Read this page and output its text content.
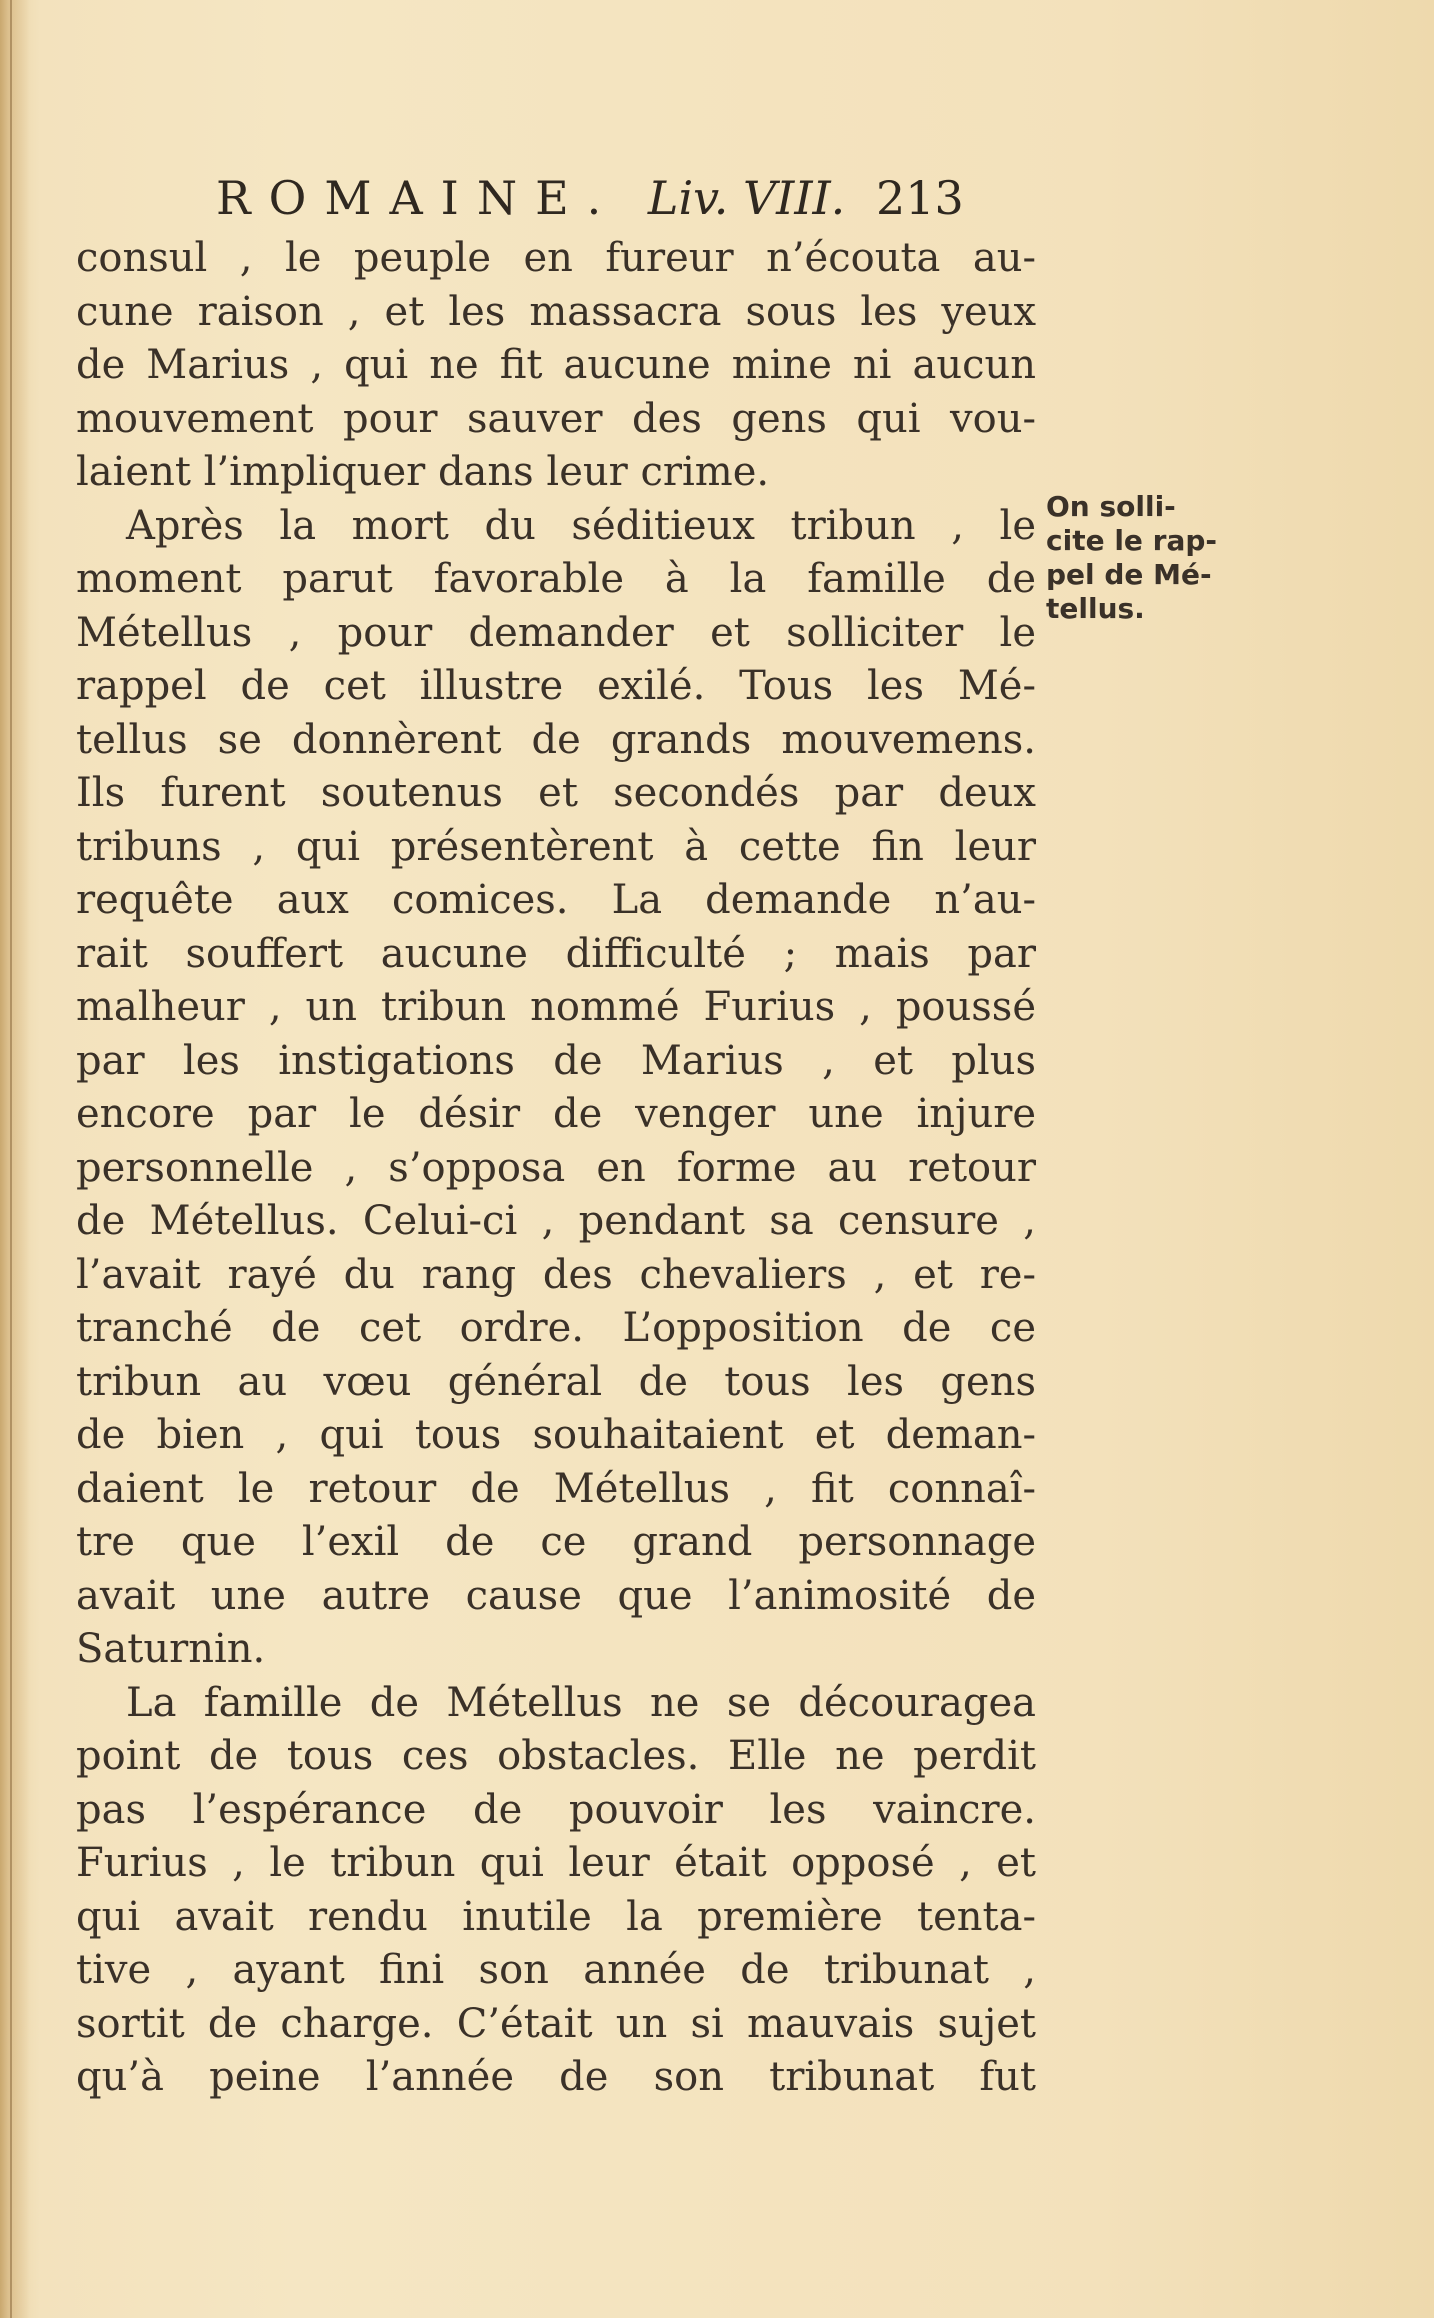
ROMAINE. Liv. VIII. 213
consul , le peuple en fureur n’écouta au-
cune raison , et les massacra sous les yeux
de Marius , qui ne fit aucune mine ni aucun
mouvement pour sauver des gens qui vou-
laient l’impliquer dans leur crime.
Après la mort du séditieux tribun , le
moment parut favorable à la famille de
Métellus , pour demander et solliciter le
rappel de cet illustre exilé. Tous les Mé-
tellus se donnèrent de grands mouvemens.
Ils furent soutenus et secondés par deux
tribuns , qui présentèrent à cette fin leur
requête aux comices. La demande n’au-
rait souffert aucune difficulté ; mais par
malheur , un tribun nommé Furius , poussé
par les instigations de Marius , et plus
encore par le désir de venger une injure
personnelle , s’opposa en forme au retour
de Métellus. Celui-ci , pendant sa censure ,
l’avait rayé du rang des chevaliers , et re-
tranché de cet ordre. L’opposition de ce
tribun au vœu général de tous les gens
de bien , qui tous souhaitaient et deman-
daient le retour de Métellus , fit connaî-
tre que l’exil de ce grand personnage
avait une autre cause que l’animosité de
Saturnin.
La famille de Métellus ne se découragea
point de tous ces obstacles. Elle ne perdit
pas l’espérance de pouvoir les vaincre.
Furius , le tribun qui leur était opposé , et
qui avait rendu inutile la première tenta-
tive , ayant fini son année de tribunat ,
sortit de charge. C’était un si mauvais sujet
qu’à peine l’année de son tribunat fut
On solli-
cite le rap-
pel de Mé-
tellus.
